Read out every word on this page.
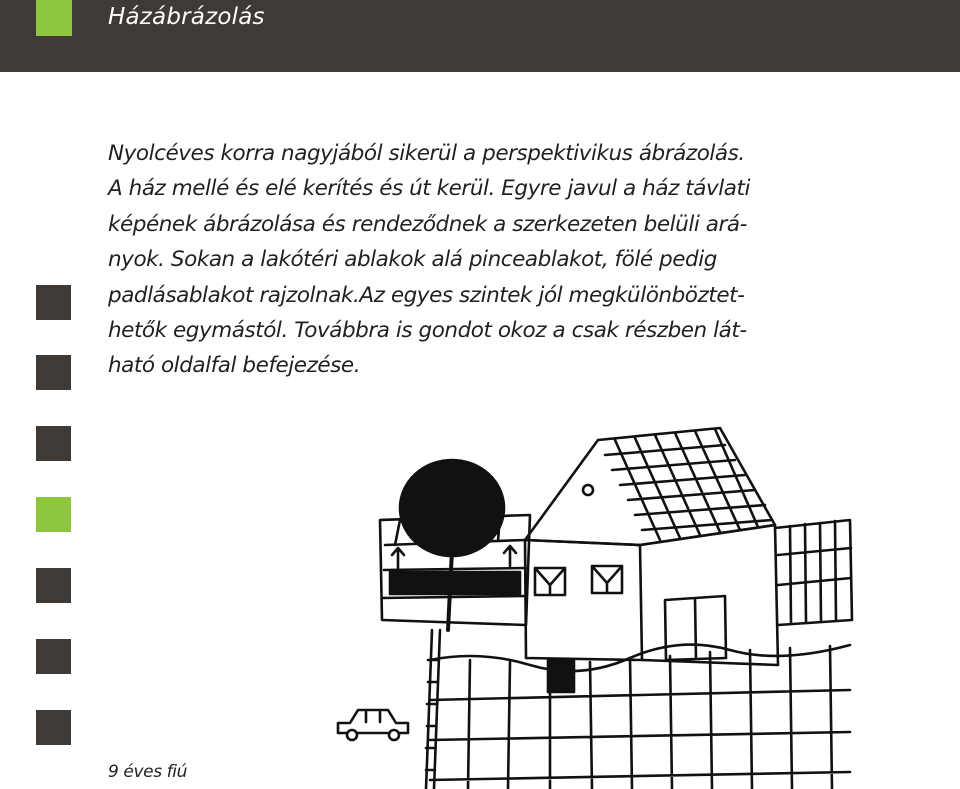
Házábrázolás

Nyolcéves korra nagyjából sikerül a perspektivikus ábrázolás.
A ház mellé és elé kerítés és út kerül. Egyre javul a ház távlati
képének ábrázolása és rendeződnek a szerkezeten belüli ará-
nyok. Sokan a lakótéri ablakok alá pinceablakot, fölé pedig
padlásablakot rajzolnak.Az egyes szintek jól megkülönböztet-
hetők egymástól. Továbbra is gondot okoz a csak részben lát-
ható oldalfal befejezése.

9 éves fiú
